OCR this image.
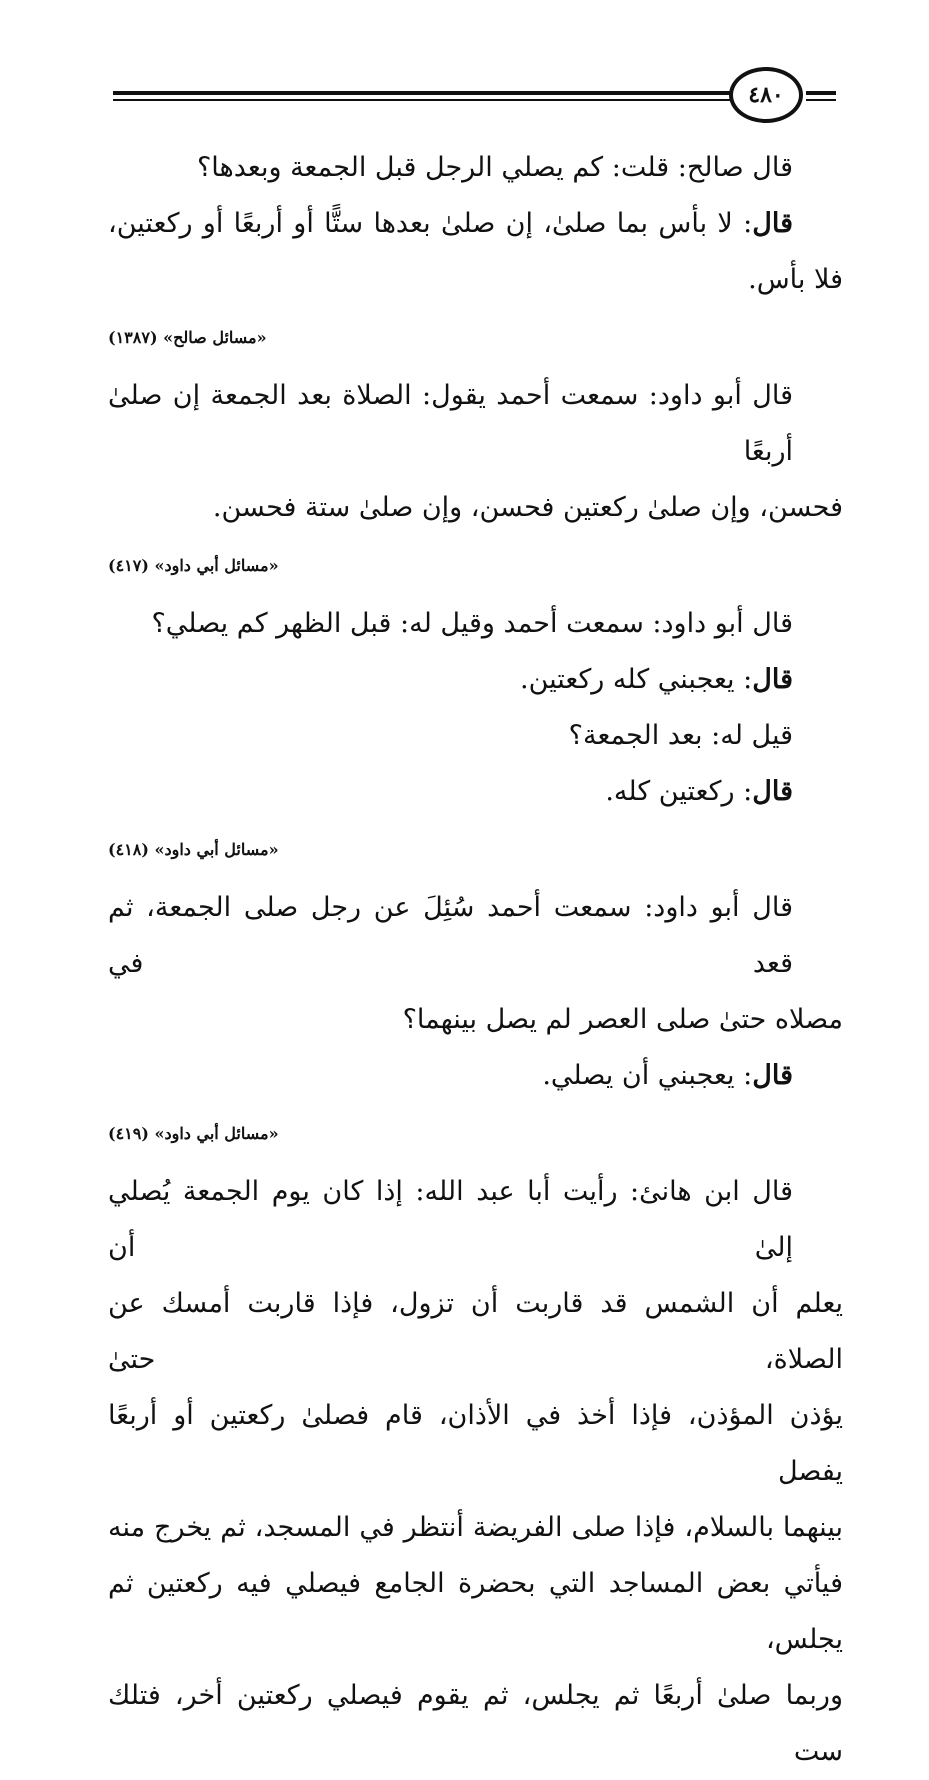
٤٨٠

قال صالح: قلت: كم يصلي الرجل قبل الجمعة وبعدها؟

قال: لا بأس بما صلىٰ، إن صلىٰ بعدها ستًّا أو أربعًا أو ركعتين،

فلا بأس.

«مسائل صالح» (١٣٨٧)

قال أبو داود: سمعت أحمد يقول: الصلاة بعد الجمعة إن صلىٰ أربعًا

فحسن، وإن صلىٰ ركعتين فحسن، وإن صلىٰ ستة فحسن.

«مسائل أبي داود» (٤١٧)

قال أبو داود: سمعت أحمد وقيل له: قبل الظهر كم يصلي؟

قال: يعجبني كله ركعتين.

قيل له: بعد الجمعة؟

قال: ركعتين كله.

«مسائل أبي داود» (٤١٨)

قال أبو داود: سمعت أحمد سُئِلَ عن رجل صلى الجمعة، ثم قعد في

مصلاه حتىٰ صلى العصر لم يصل بينهما؟

قال: يعجبني أن يصلي.

«مسائل أبي داود» (٤١٩)

قال ابن هانئ: رأيت أبا عبد الله: إذا كان يوم الجمعة يُصلي إلىٰ أن

يعلم أن الشمس قد قاربت أن تزول، فإذا قاربت أمسك عن الصلاة، حتىٰ

يؤذن المؤذن، فإذا أخذ في الأذان، قام فصلىٰ ركعتين أو أربعًا يفصل

بينهما بالسلام، فإذا صلى الفريضة أنتظر في المسجد، ثم يخرج منه

فيأتي بعض المساجد التي بحضرة الجامع فيصلي فيه ركعتين ثم يجلس،

وربما صلىٰ أربعًا ثم يجلس، ثم يقوم فيصلي ركعتين أخر، فتلك ست
